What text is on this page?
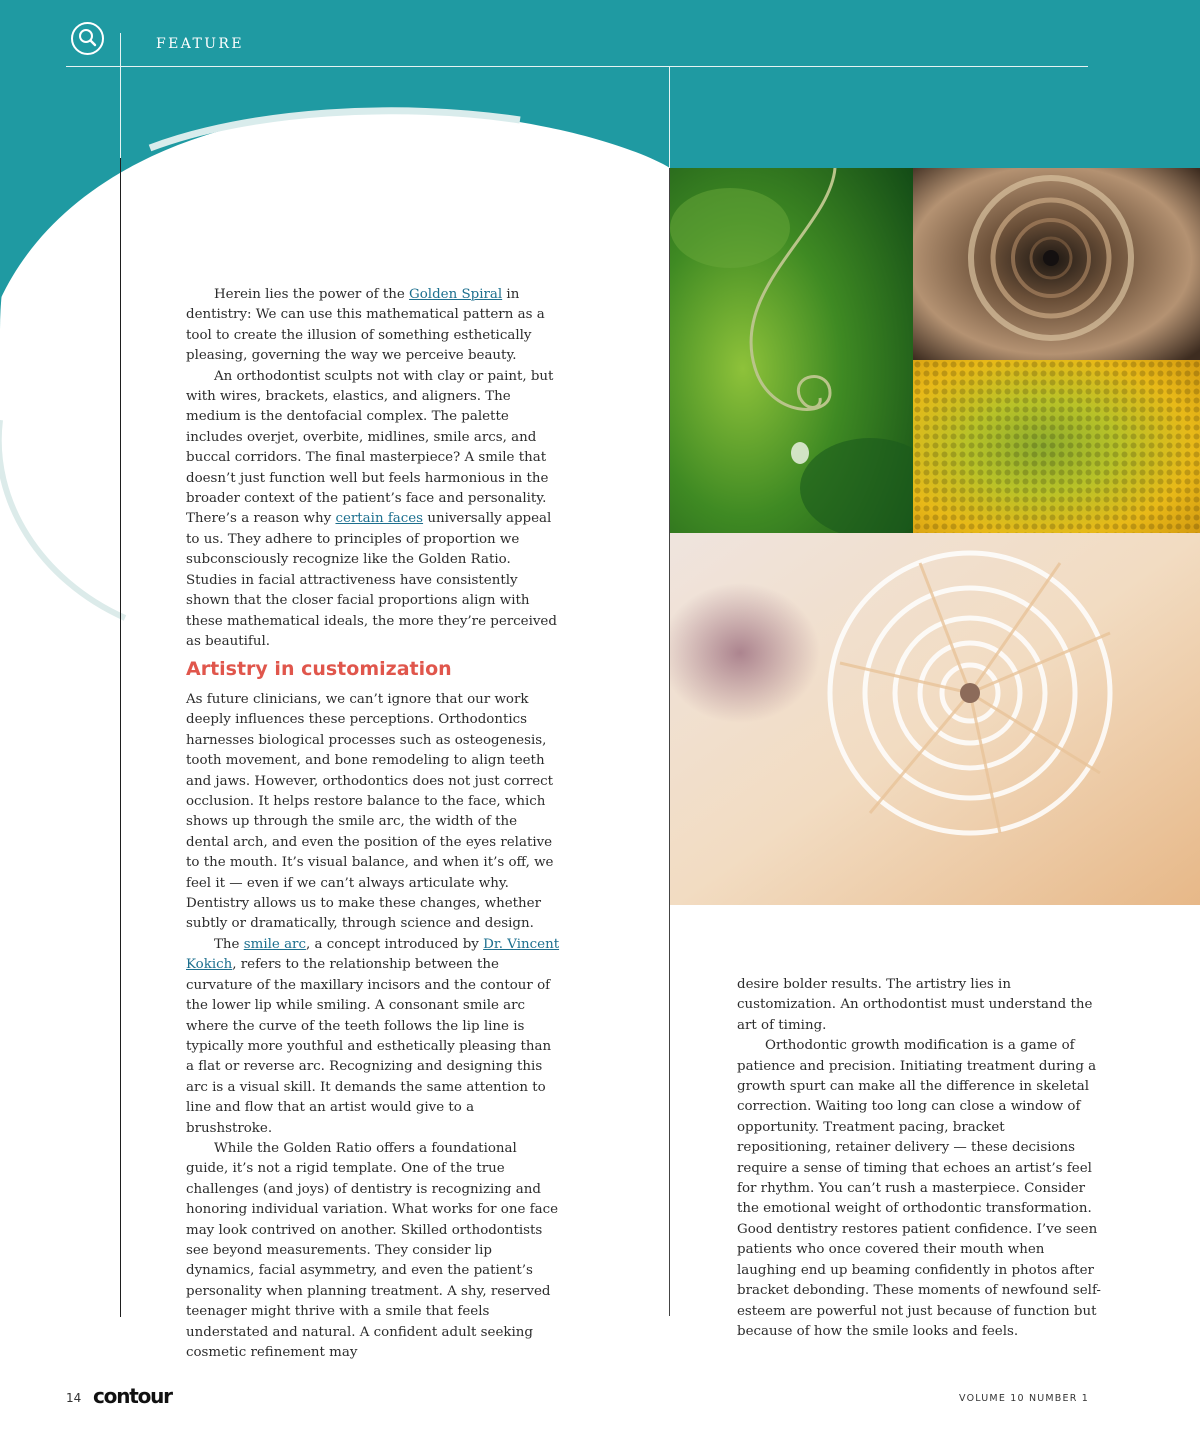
FEATURE

Herein lies the power of the Golden Spiral in dentistry: We can use this mathematical pattern as a tool to create the illusion of something esthetically pleasing, governing the way we perceive beauty.

An orthodontist sculpts not with clay or paint, but with wires, brackets, elastics, and aligners. The medium is the dentofacial complex. The palette includes overjet, overbite, midlines, smile arcs, and buccal corridors. The final masterpiece? A smile that doesn’t just function well but feels harmonious in the broader context of the patient’s face and personality. There’s a reason why certain faces universally appeal to us. They adhere to principles of proportion we subconsciously recognize like the Golden Ratio. Studies in facial attractiveness have consistently shown that the closer facial proportions align with these mathematical ideals, the more they’re perceived as beautiful.

Artistry in customization

As future clinicians, we can’t ignore that our work deeply influences these perceptions. Orthodontics harnesses biological processes such as osteogenesis, tooth movement, and bone remodeling to align teeth and jaws. However, orthodontics does not just correct occlusion. It helps restore balance to the face, which shows up through the smile arc, the width of the dental arch, and even the position of the eyes relative to the mouth. It’s visual balance, and when it’s off, we feel it — even if we can’t always articulate why. Dentistry allows us to make these changes, whether subtly or dramatically, through science and design.

The smile arc, a concept introduced by Dr. Vincent Kokich, refers to the relationship between the curvature of the maxillary incisors and the contour of the lower lip while smiling. A consonant smile arc where the curve of the teeth follows the lip line is typically more youthful and esthetically pleasing than a flat or reverse arc. Recognizing and designing this arc is a visual skill. It demands the same attention to line and flow that an artist would give to a brushstroke.

While the Golden Ratio offers a foundational guide, it’s not a rigid template. One of the true challenges (and joys) of dentistry is recognizing and honoring individual variation. What works for one face may look contrived on another. Skilled orthodontists see beyond measurements. They consider lip dynamics, facial asymmetry, and even the patient’s personality when planning treatment. A shy, reserved teenager might thrive with a smile that feels understated and natural. A confident adult seeking cosmetic refinement may

desire bolder results. The artistry lies in customization. An orthodontist must understand the art of timing.

Orthodontic growth modification is a game of patience and precision. Initiating treatment during a growth spurt can make all the difference in skeletal correction. Waiting too long can close a window of opportunity. Treatment pacing, bracket repositioning, retainer delivery — these decisions require a sense of timing that echoes an artist’s feel for rhythm. You can’t rush a masterpiece. Consider the emotional weight of orthodontic transformation. Good dentistry restores patient confidence. I’ve seen patients who once covered their mouth when laughing end up beaming confidently in photos after bracket debonding. These moments of newfound self-esteem are powerful not just because of function but because of how the smile looks and feels.

14 contour	VOLUME 10 NUMBER 1
